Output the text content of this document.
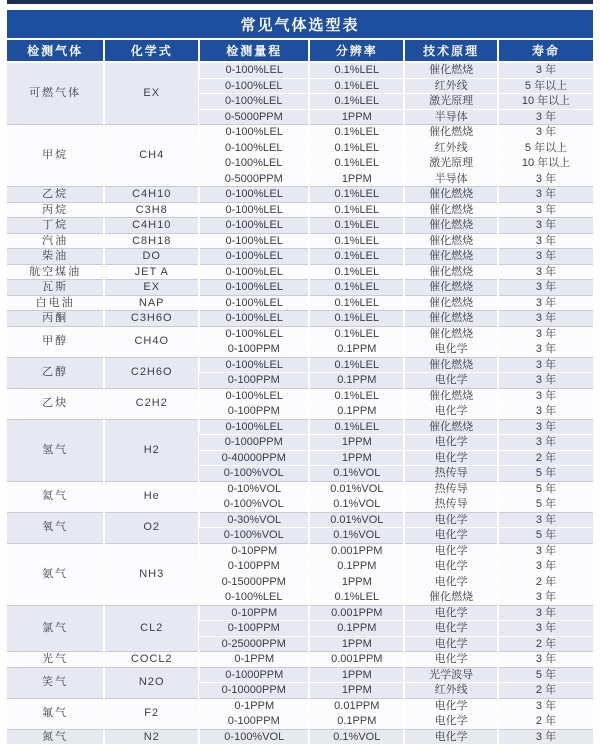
常见气体选型表
检测气体	化学式	检测量程	分辨率	技术原理	寿命
可燃气体	EX	0-100%LEL	0.1%LEL	催化燃烧	3 年
		0-100%LEL	0.1%LEL	红外线	5 年以上
		0-100%LEL	0.1%LEL	激光原理	10 年以上
		0-5000PPM	1PPM	半导体	3 年
甲烷	CH4	0-100%LEL	0.1%LEL	催化燃烧	3 年
		0-100%LEL	0.1%LEL	红外线	5 年以上
		0-100%LEL	0.1%LEL	激光原理	10 年以上
		0-5000PPM	1PPM	半导体	3 年
乙烷	C4H10	0-100%LEL	0.1%LEL	催化燃烧	3 年
丙烷	C3H8	0-100%LEL	0.1%LEL	催化燃烧	3 年
丁烷	C4H10	0-100%LEL	0.1%LEL	催化燃烧	3 年
汽油	C8H18	0-100%LEL	0.1%LEL	催化燃烧	3 年
柴油	DO	0-100%LEL	0.1%LEL	催化燃烧	3 年
航空煤油	JET A	0-100%LEL	0.1%LEL	催化燃烧	3 年
瓦斯	EX	0-100%LEL	0.1%LEL	催化燃烧	3 年
白电油	NAP	0-100%LEL	0.1%LEL	催化燃烧	3 年
丙酮	C3H6O	0-100%LEL	0.1%LEL	催化燃烧	3 年
甲醇	CH4O	0-100%LEL	0.1%LEL	催化燃烧	3 年
		0-100PPM	0.1PPM	电化学	3 年
乙醇	C2H6O	0-100%LEL	0.1%LEL	催化燃烧	3 年
		0-100PPM	0.1PPM	电化学	3 年
乙炔	C2H2	0-100%LEL	0.1%LEL	催化燃烧	3 年
		0-100PPM	0.1PPM	电化学	3 年
氢气	H2	0-100%LEL	0.1%LEL	催化燃烧	3 年
		0-1000PPM	1PPM	电化学	3 年
		0-40000PPM	1PPM	电化学	2 年
		0-100%VOL	0.1%VOL	热传导	5 年
氦气	He	0-10%VOL	0.01%VOL	热传导	5 年
		0-100%VOL	0.1%VOL	热传导	5 年
氧气	O2	0-30%VOL	0.01%VOL	电化学	3 年
		0-100%VOL	0.1%VOL	电化学	5 年
氨气	NH3	0-10PPM	0.001PPM	电化学	3 年
		0-100PPM	0.1PPM	电化学	3 年
		0-15000PPM	1PPM	电化学	2 年
		0-100%LEL	0.1%LEL	催化燃烧	3 年
氯气	CL2	0-10PPM	0.001PPM	电化学	3 年
		0-100PPM	0.1PPM	电化学	3 年
		0-25000PPM	1PPM	电化学	2 年
光气	COCL2	0-1PPM	0.001PPM	电化学	3 年
笑气	N2O	0-1000PPM	1PPM	光学波导	5 年
		0-10000PPM	1PPM	红外线	2 年
氟气	F2	0-1PPM	0.01PPM	电化学	3 年
		0-100PPM	0.1PPM	电化学	2 年
氮气	N2	0-100%VOL	0.1%VOL	电化学	3 年
